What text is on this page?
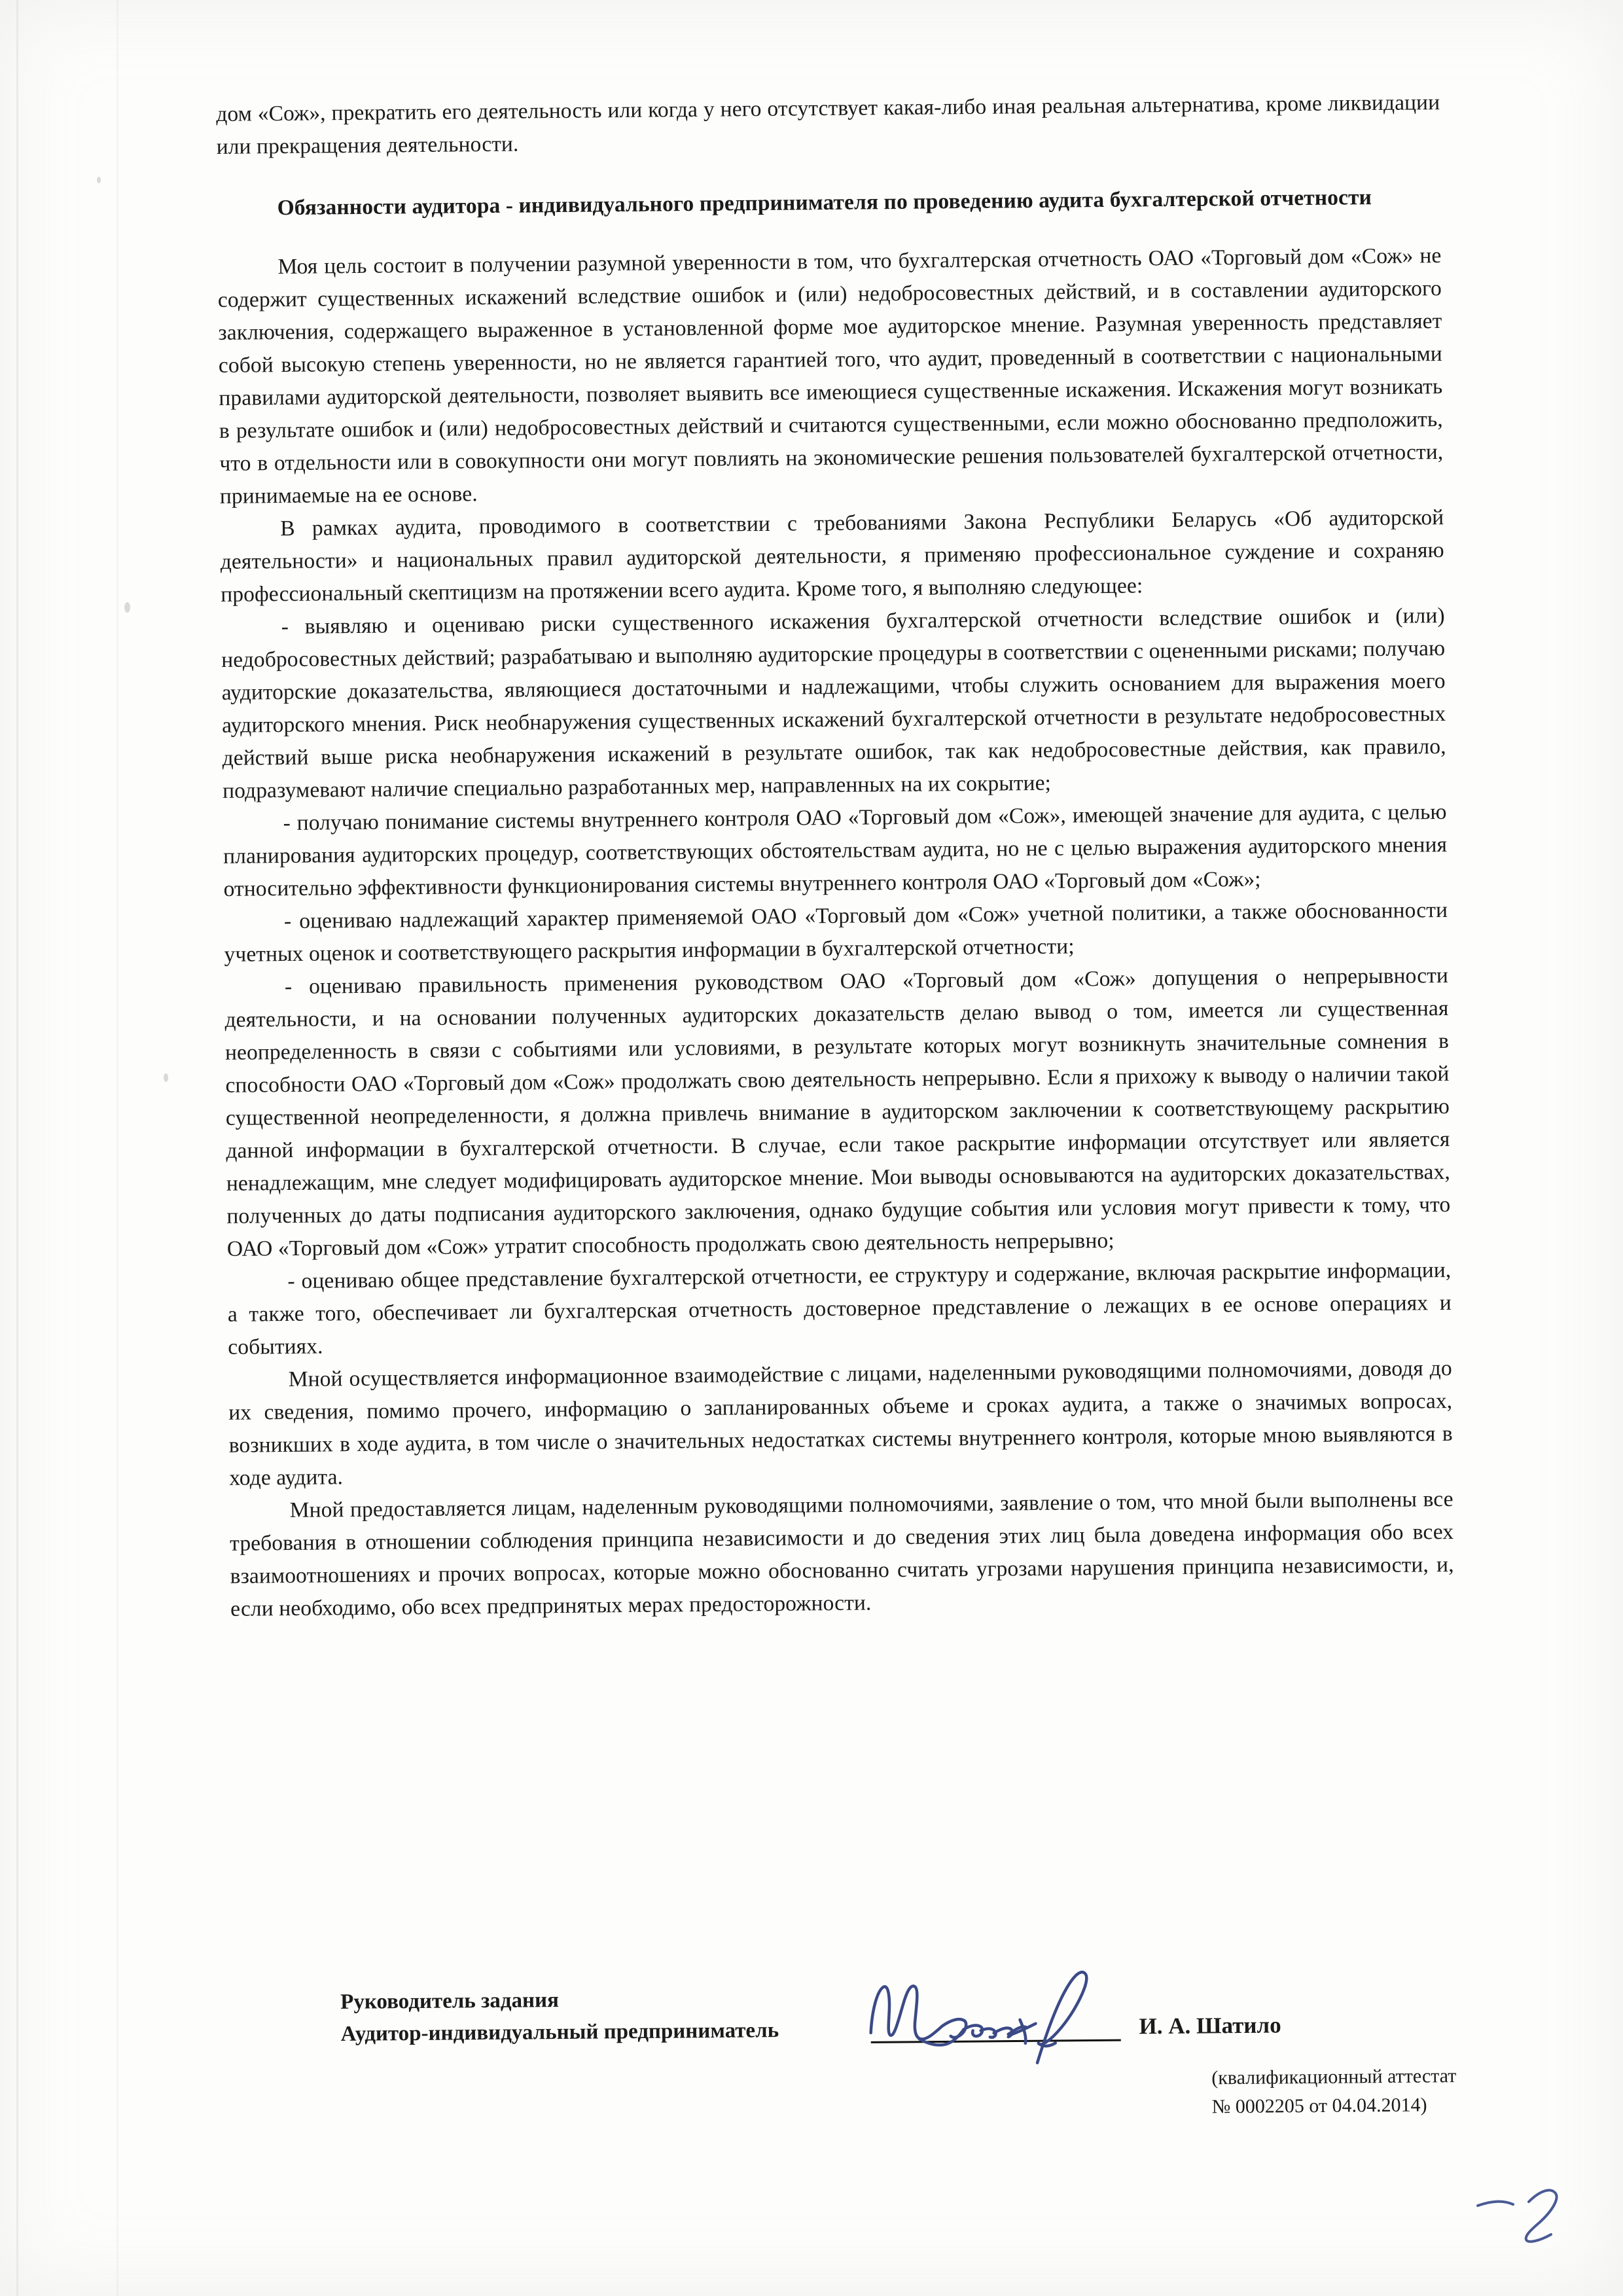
дом «Сож», прекратить его деятельность или когда у него отсутствует какая-либо иная реальная альтернатива, кроме ликвидации или прекращения деятельности.

Обязанности аудитора - индивидуального предпринимателя по проведению аудита бухгалтерской отчетности

Моя цель состоит в получении разумной уверенности в том, что бухгалтерская отчетность ОАО «Торговый дом «Сож» не содержит существенных искажений вследствие ошибок и (или) недобросовестных действий, и в составлении аудиторского заключения, содержащего выраженное в установленной форме мое аудиторское мнение. Разумная уверенность представляет собой высокую степень уверенности, но не является гарантией того, что аудит, проведенный в соответствии с национальными правилами аудиторской деятельности, позволяет выявить все имеющиеся существенные искажения. Искажения могут возникать в результате ошибок и (или) недобросовестных действий и считаются существенными, если можно обоснованно предположить, что в отдельности или в совокупности они могут повлиять на экономические решения пользователей бухгалтерской отчетности, принимаемые на ее основе.

В рамках аудита, проводимого в соответствии с требованиями Закона Республики Беларусь «Об аудиторской деятельности» и национальных правил аудиторской деятельности, я применяю профессиональное суждение и сохраняю профессиональный скептицизм на протяжении всего аудита. Кроме того, я выполняю следующее:

- выявляю и оцениваю риски существенного искажения бухгалтерской отчетности вследствие ошибок и (или) недобросовестных действий; разрабатываю и выполняю аудиторские процедуры в соответствии с оцененными рисками; получаю аудиторские доказательства, являющиеся достаточными и надлежащими, чтобы служить основанием для выражения моего аудиторского мнения. Риск необнаружения существенных искажений бухгалтерской отчетности в результате недобросовестных действий выше риска необнаружения искажений в результате ошибок, так как недобросовестные действия, как правило, подразумевают наличие специально разработанных мер, направленных на их сокрытие;

- получаю понимание системы внутреннего контроля ОАО «Торговый дом «Сож», имеющей значение для аудита, с целью планирования аудиторских процедур, соответствующих обстоятельствам аудита, но не с целью выражения аудиторского мнения относительно эффективности функционирования системы внутреннего контроля ОАО «Торговый дом «Сож»;

- оцениваю надлежащий характер применяемой ОАО «Торговый дом «Сож» учетной политики, а также обоснованности учетных оценок и соответствующего раскрытия информации в бухгалтерской отчетности;

- оцениваю правильность применения руководством ОАО «Торговый дом «Сож» допущения о непрерывности деятельности, и на основании полученных аудиторских доказательств делаю вывод о том, имеется ли существенная неопределенность в связи с событиями или условиями, в результате которых могут возникнуть значительные сомнения в способности ОАО «Торговый дом «Сож» продолжать свою деятельность непрерывно. Если я прихожу к выводу о наличии такой существенной неопределенности, я должна привлечь внимание в аудиторском заключении к соответствующему раскрытию данной информации в бухгалтерской отчетности. В случае, если такое раскрытие информации отсутствует или является ненадлежащим, мне следует модифицировать аудиторское мнение. Мои выводы основываются на аудиторских доказательствах, полученных до даты подписания аудиторского заключения, однако будущие события или условия могут привести к тому, что ОАО «Торговый дом «Сож» утратит способность продолжать свою деятельность непрерывно;

- оцениваю общее представление бухгалтерской отчетности, ее структуру и содержание, включая раскрытие информации, а также того, обеспечивает ли бухгалтерская отчетность достоверное представление о лежащих в ее основе операциях и событиях.

Мной осуществляется информационное взаимодействие с лицами, наделенными руководящими полномочиями, доводя до их сведения, помимо прочего, информацию о запланированных объеме и сроках аудита, а также о значимых вопросах, возникших в ходе аудита, в том числе о значительных недостатках системы внутреннего контроля, которые мною выявляются в ходе аудита.

Мной предоставляется лицам, наделенным руководящими полномочиями, заявление о том, что мной были выполнены все требования в отношении соблюдения принципа независимости и до сведения этих лиц была доведена информация обо всех взаимоотношениях и прочих вопросах, которые можно обоснованно считать угрозами нарушения принципа независимости, и, если необходимо, обо всех предпринятых мерах предосторожности.

Руководитель задания
Аудитор-индивидуальный предприниматель	И. А. Шатило
(квалификационный аттестат
№ 0002205 от 04.04.2014)
